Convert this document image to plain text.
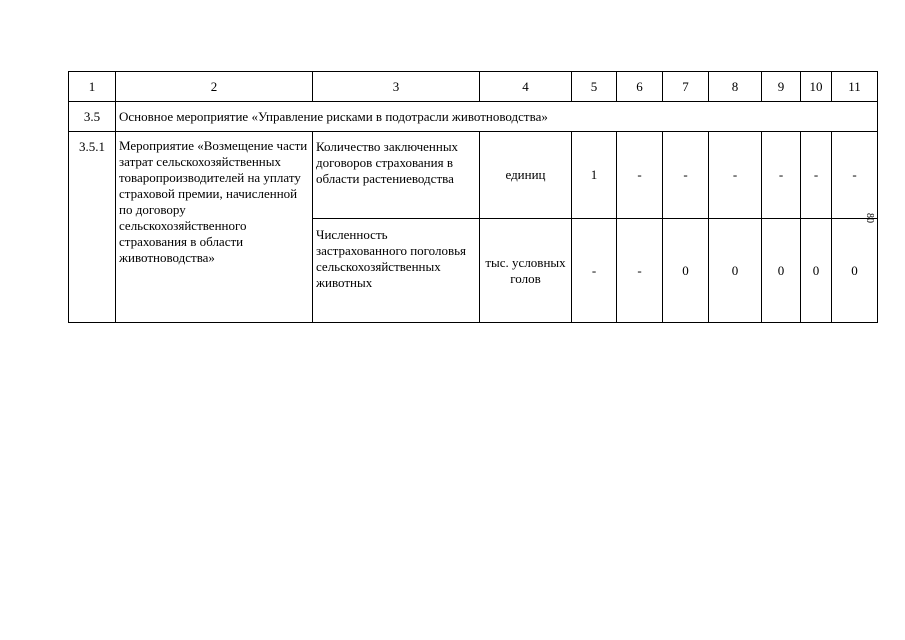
1	2	3	4	5	6	7	8	9	10	11
3.5	Основное мероприятие «Управление рисками в подотрасли животноводства»									
3.5.1	Мероприятие «Возмещение части затрат сельскохозяйственных товаропроизводителей на уплату страховой премии, начисленной по договору сельскохозяйственного страхования в области животноводства»	Количество заключенных договоров страхования в области растениеводства	единиц	1	-	-	-	-	-	-
		Численность застрахованного поголовья сельскохозяйственных животных	тыс. условных голов	-	-	0	0	0	0	0
80
